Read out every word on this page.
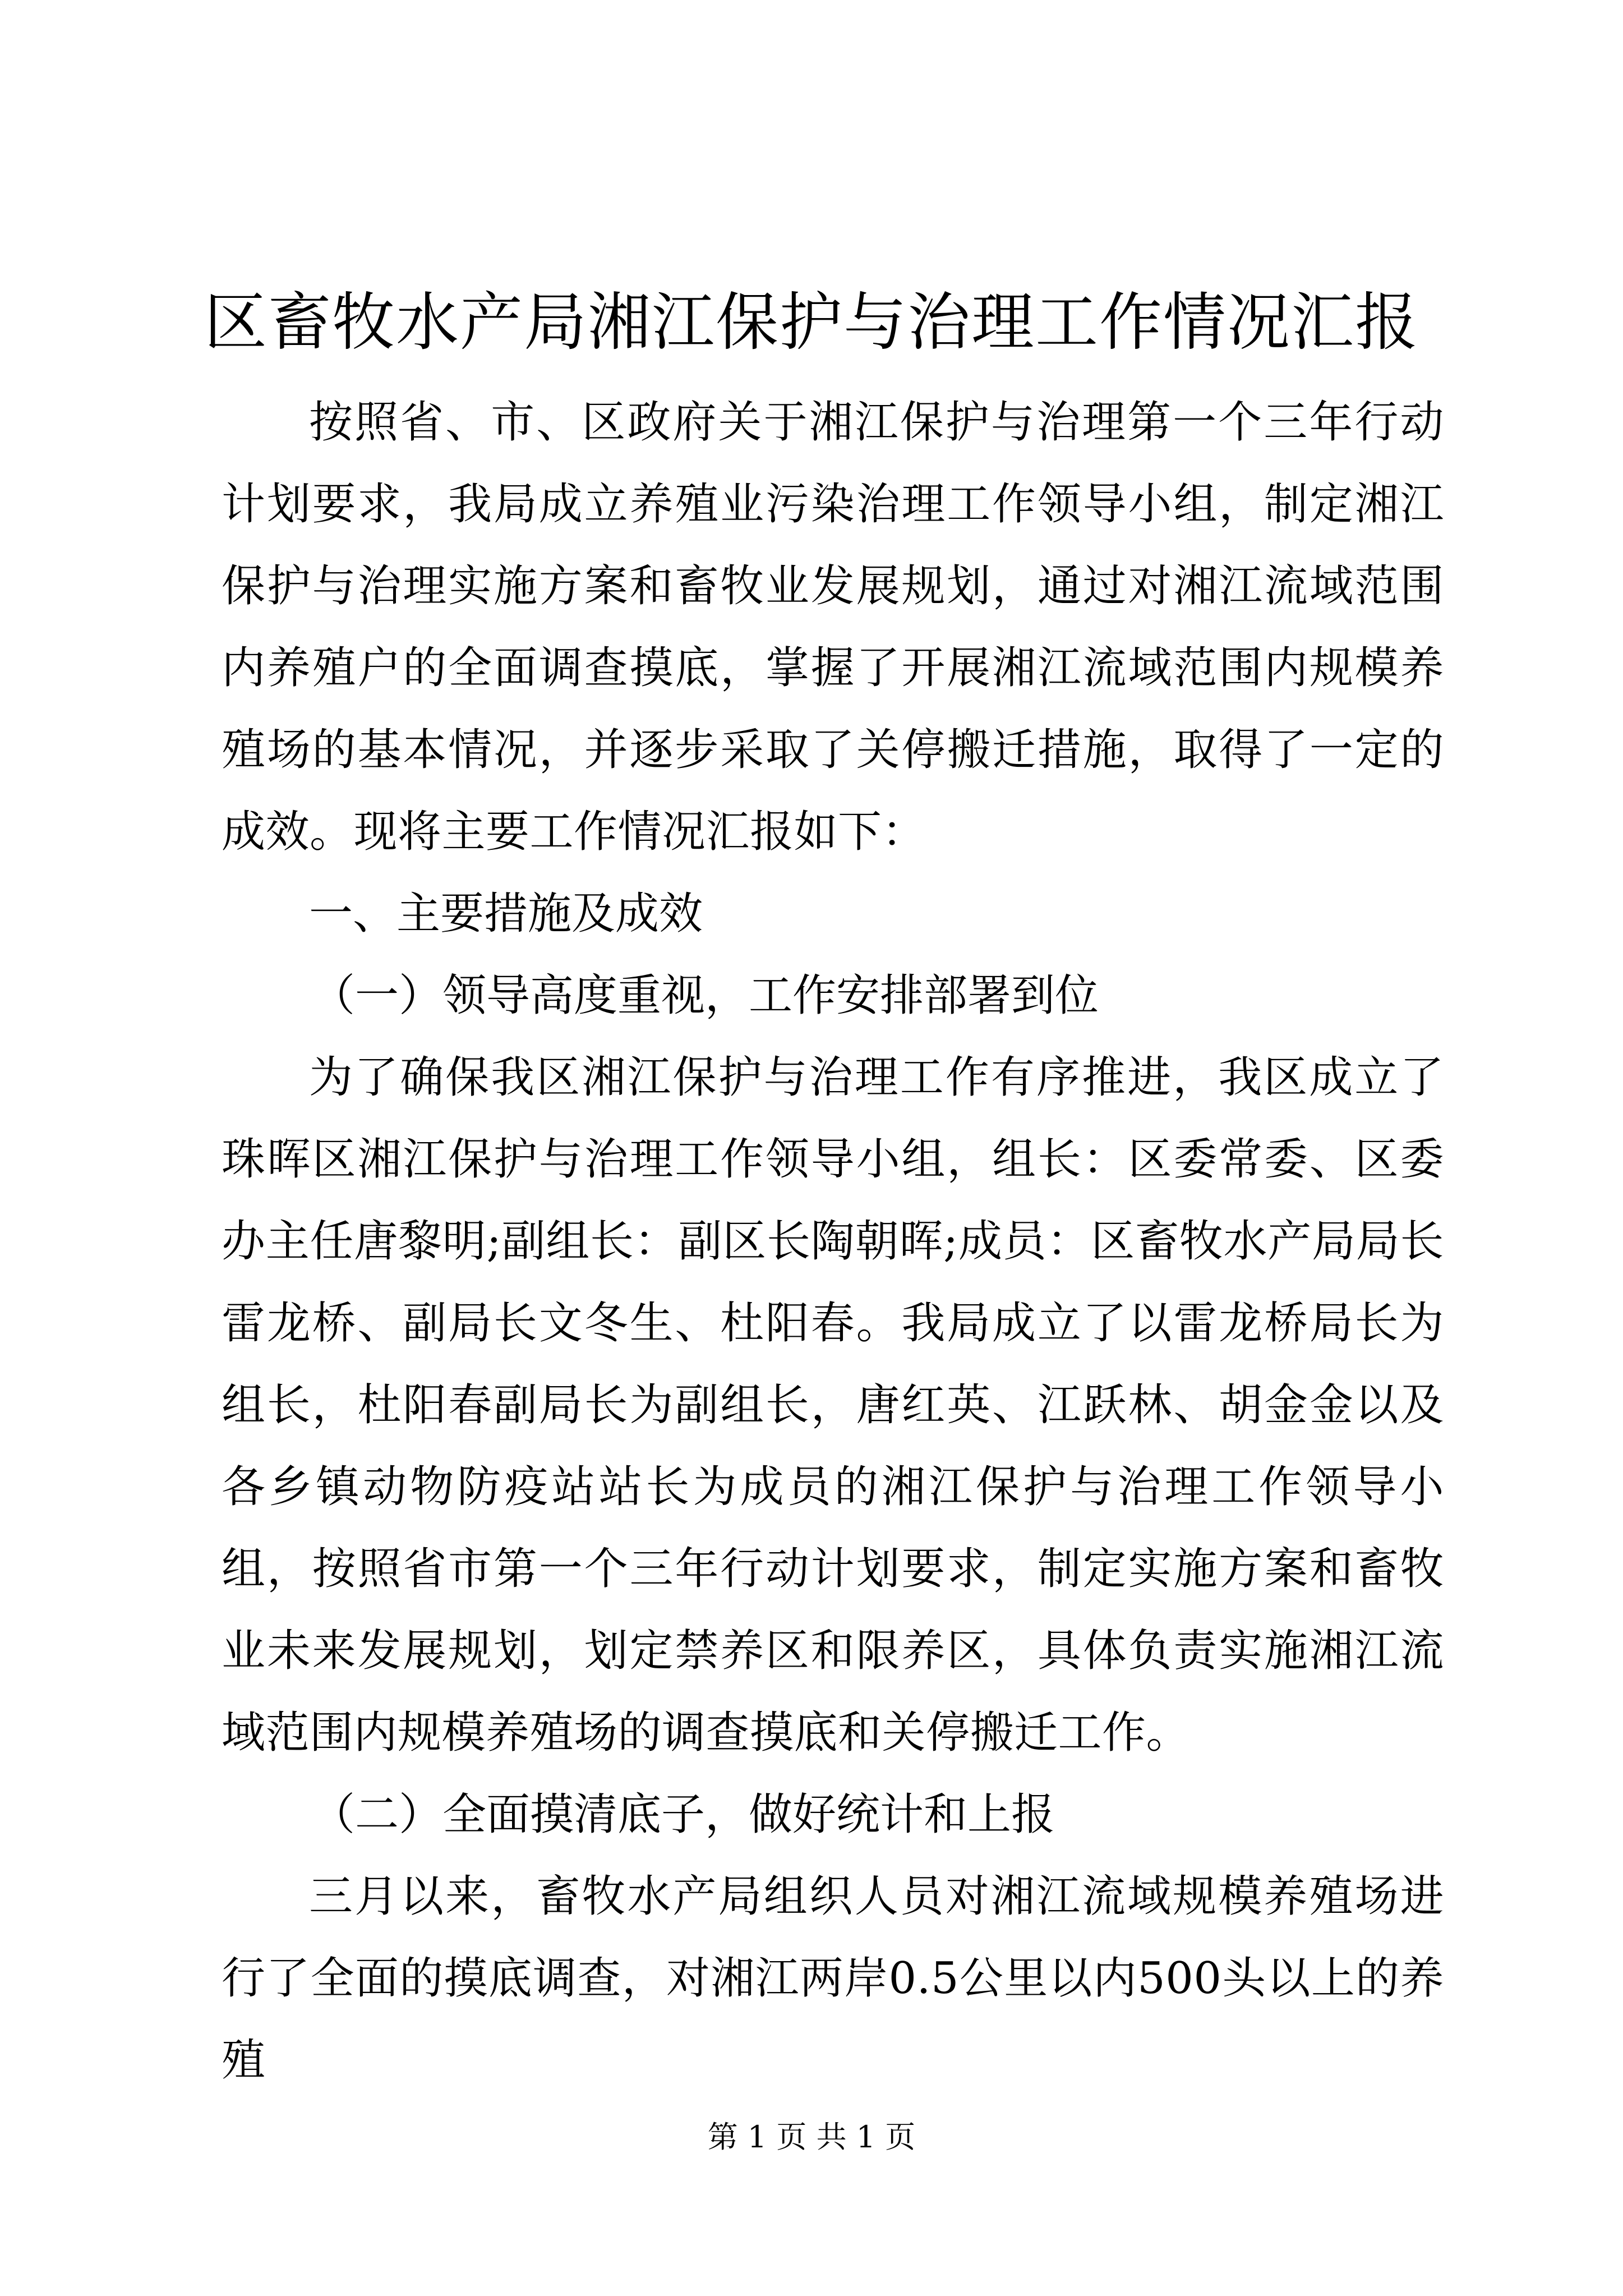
区畜牧水产局湘江保护与治理工作情况汇报

按照省、市、区政府关于湘江保护与治理第一个三年行动计划要求，我局成立养殖业污染治理工作领导小组，制定湘江保护与治理实施方案和畜牧业发展规划，通过对湘江流域范围内养殖户的全面调查摸底，掌握了开展湘江流域范围内规模养殖场的基本情况，并逐步采取了关停搬迁措施，取得了一定的成效。现将主要工作情况汇报如下：

一、主要措施及成效

（一）领导高度重视，工作安排部署到位

为了确保我区湘江保护与治理工作有序推进，我区成立了珠晖区湘江保护与治理工作领导小组，组长：区委常委、区委办主任唐黎明;副组长：副区长陶朝晖;成员：区畜牧水产局局长雷龙桥、副局长文冬生、杜阳春。我局成立了以雷龙桥局长为组长，杜阳春副局长为副组长，唐红英、江跃林、胡金金以及各乡镇动物防疫站站长为成员的湘江保护与治理工作领导小组，按照省市第一个三年行动计划要求，制定实施方案和畜牧业未来发展规划，划定禁养区和限养区，具体负责实施湘江流域范围内规模养殖场的调查摸底和关停搬迁工作。

（二）全面摸清底子，做好统计和上报

三月以来，畜牧水产局组织人员对湘江流域规模养殖场进行了全面的摸底调查，对湘江两岸0.5公里以内500头以上的养殖

第 1 页 共 1 页
